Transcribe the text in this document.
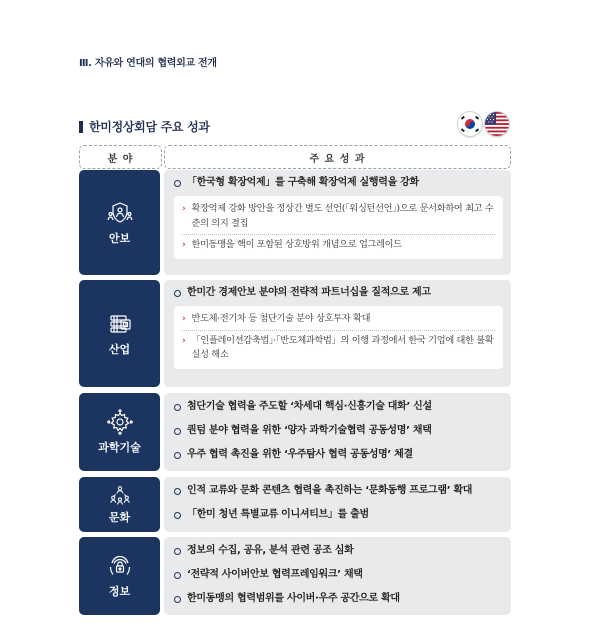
Ⅲ. 자유와 연대의 협력외교 전개
한미정상회담 주요 성과
분 야	주 요 성 과
안보
「한국형 확장억제」를 구축해 확장억제 실행력을 강화
› 확장억제 강화 방안을 정상간 별도 선언(「워싱턴선언」)으로 문서화하여 최고 수준의 의지 결집
› 한미동맹을 핵이 포함된 상호방위 개념으로 업그레이드
산업
한미간 경제안보 분야의 전략적 파트너십을 질적으로 제고
› 반도체·전기차 등 첨단기술 분야 상호투자 확대
› 「인플레이션감축법」·「반도체과학법」의 이행 과정에서 한국 기업에 대한 불확실성 해소
과학기술
첨단기술 협력을 주도할 ‘차세대 핵심·신흥기술 대화’ 신설
퀀텀 분야 협력을 위한 ‘양자 과학기술협력 공동성명’ 채택
우주 협력 촉진을 위한 ‘우주탐사 협력 공동성명’ 체결
문화
인적 교류와 문화 콘텐츠 협력을 촉진하는 ‘문화동행 프로그램’ 확대
「한미 청년 특별교류 이니셔티브」를 출범
정보
정보의 수집, 공유, 분석 관련 공조 심화
‘전략적 사이버안보 협력프레임워크’ 채택
한미동맹의 협력범위를 사이버·우주 공간으로 확대
